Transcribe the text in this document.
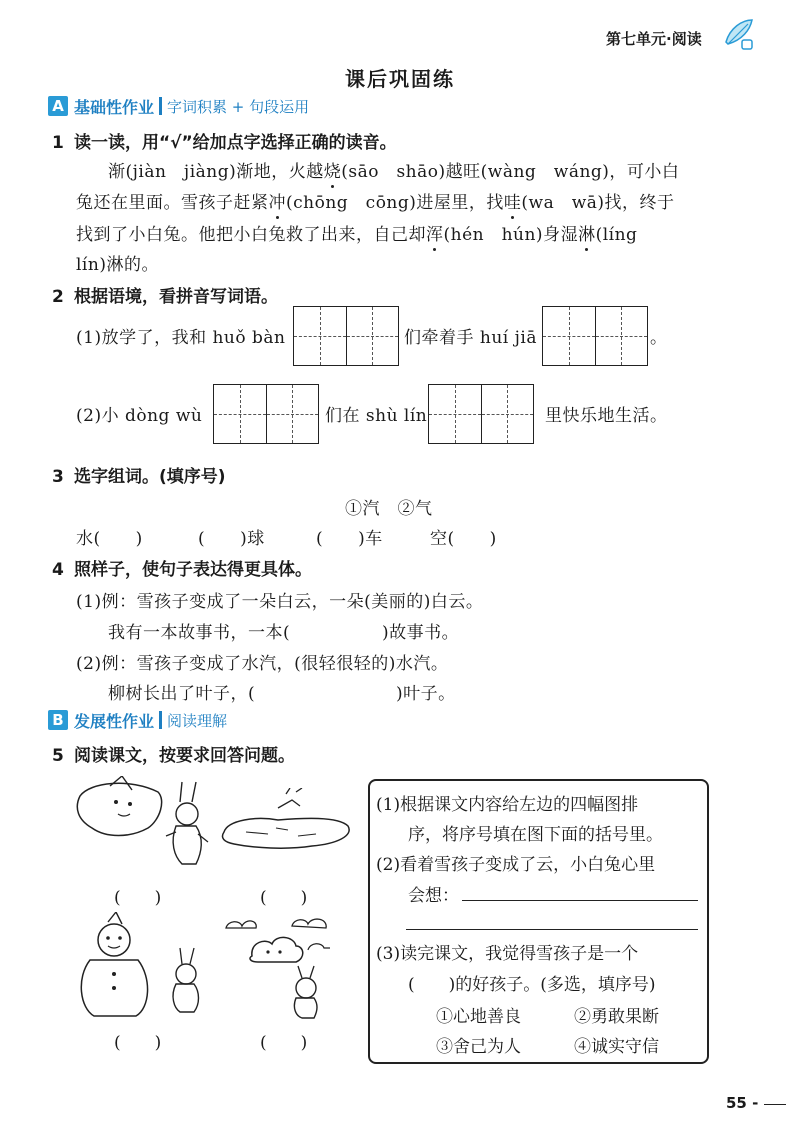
第七单元·阅读
课后巩固练
A 基础性作业 字词积累 + 句段运用
1 读一读，用“√”给加点字选择正确的读音。
渐(jiàn　jiàng)渐地，火越烧(sāo　shāo)越旺(wàng　wáng)，可小白
兔还在里面。雪孩子赶紧冲(chōng　cōng)进屋里，找哇(wa　wā)找，终于
找到了小白兔。他把小白兔救了出来，自己却浑(hén　hún)身湿淋(líng
lín)淋的。
2 根据语境，看拼音写词语。
(1)放学了，我和 huǒ bàn	们牵着手 huí jiā	。
(2)小 dòng wù	们在 shù lín	里快乐地生活。
3 选字组词。(填序号)
①汽　②气
水(　　)	(　　)球	(　　)车	空(　　)
4 照样子，使句子表达得更具体。
(1)例：雪孩子变成了一朵白云，一朵(美丽的)白云。
我有一本故事书，一本(	)故事书。
(2)例：雪孩子变成了水汽，(很轻很轻的)水汽。
柳树长出了叶子，(	)叶子。
B 发展性作业 阅读理解
5 阅读课文，按要求回答问题。
(　　)	(　　)
(　　)	(　　)
(1)根据课文内容给左边的四幅图排
序，将序号填在图下面的括号里。
(2)看着雪孩子变成了云，小白兔心里
会想：
(3)读完课文，我觉得雪孩子是一个
(　　)的好孩子。(多选，填序号)
①心地善良	②勇敢果断
③舍己为人	④诚实守信
55 -
